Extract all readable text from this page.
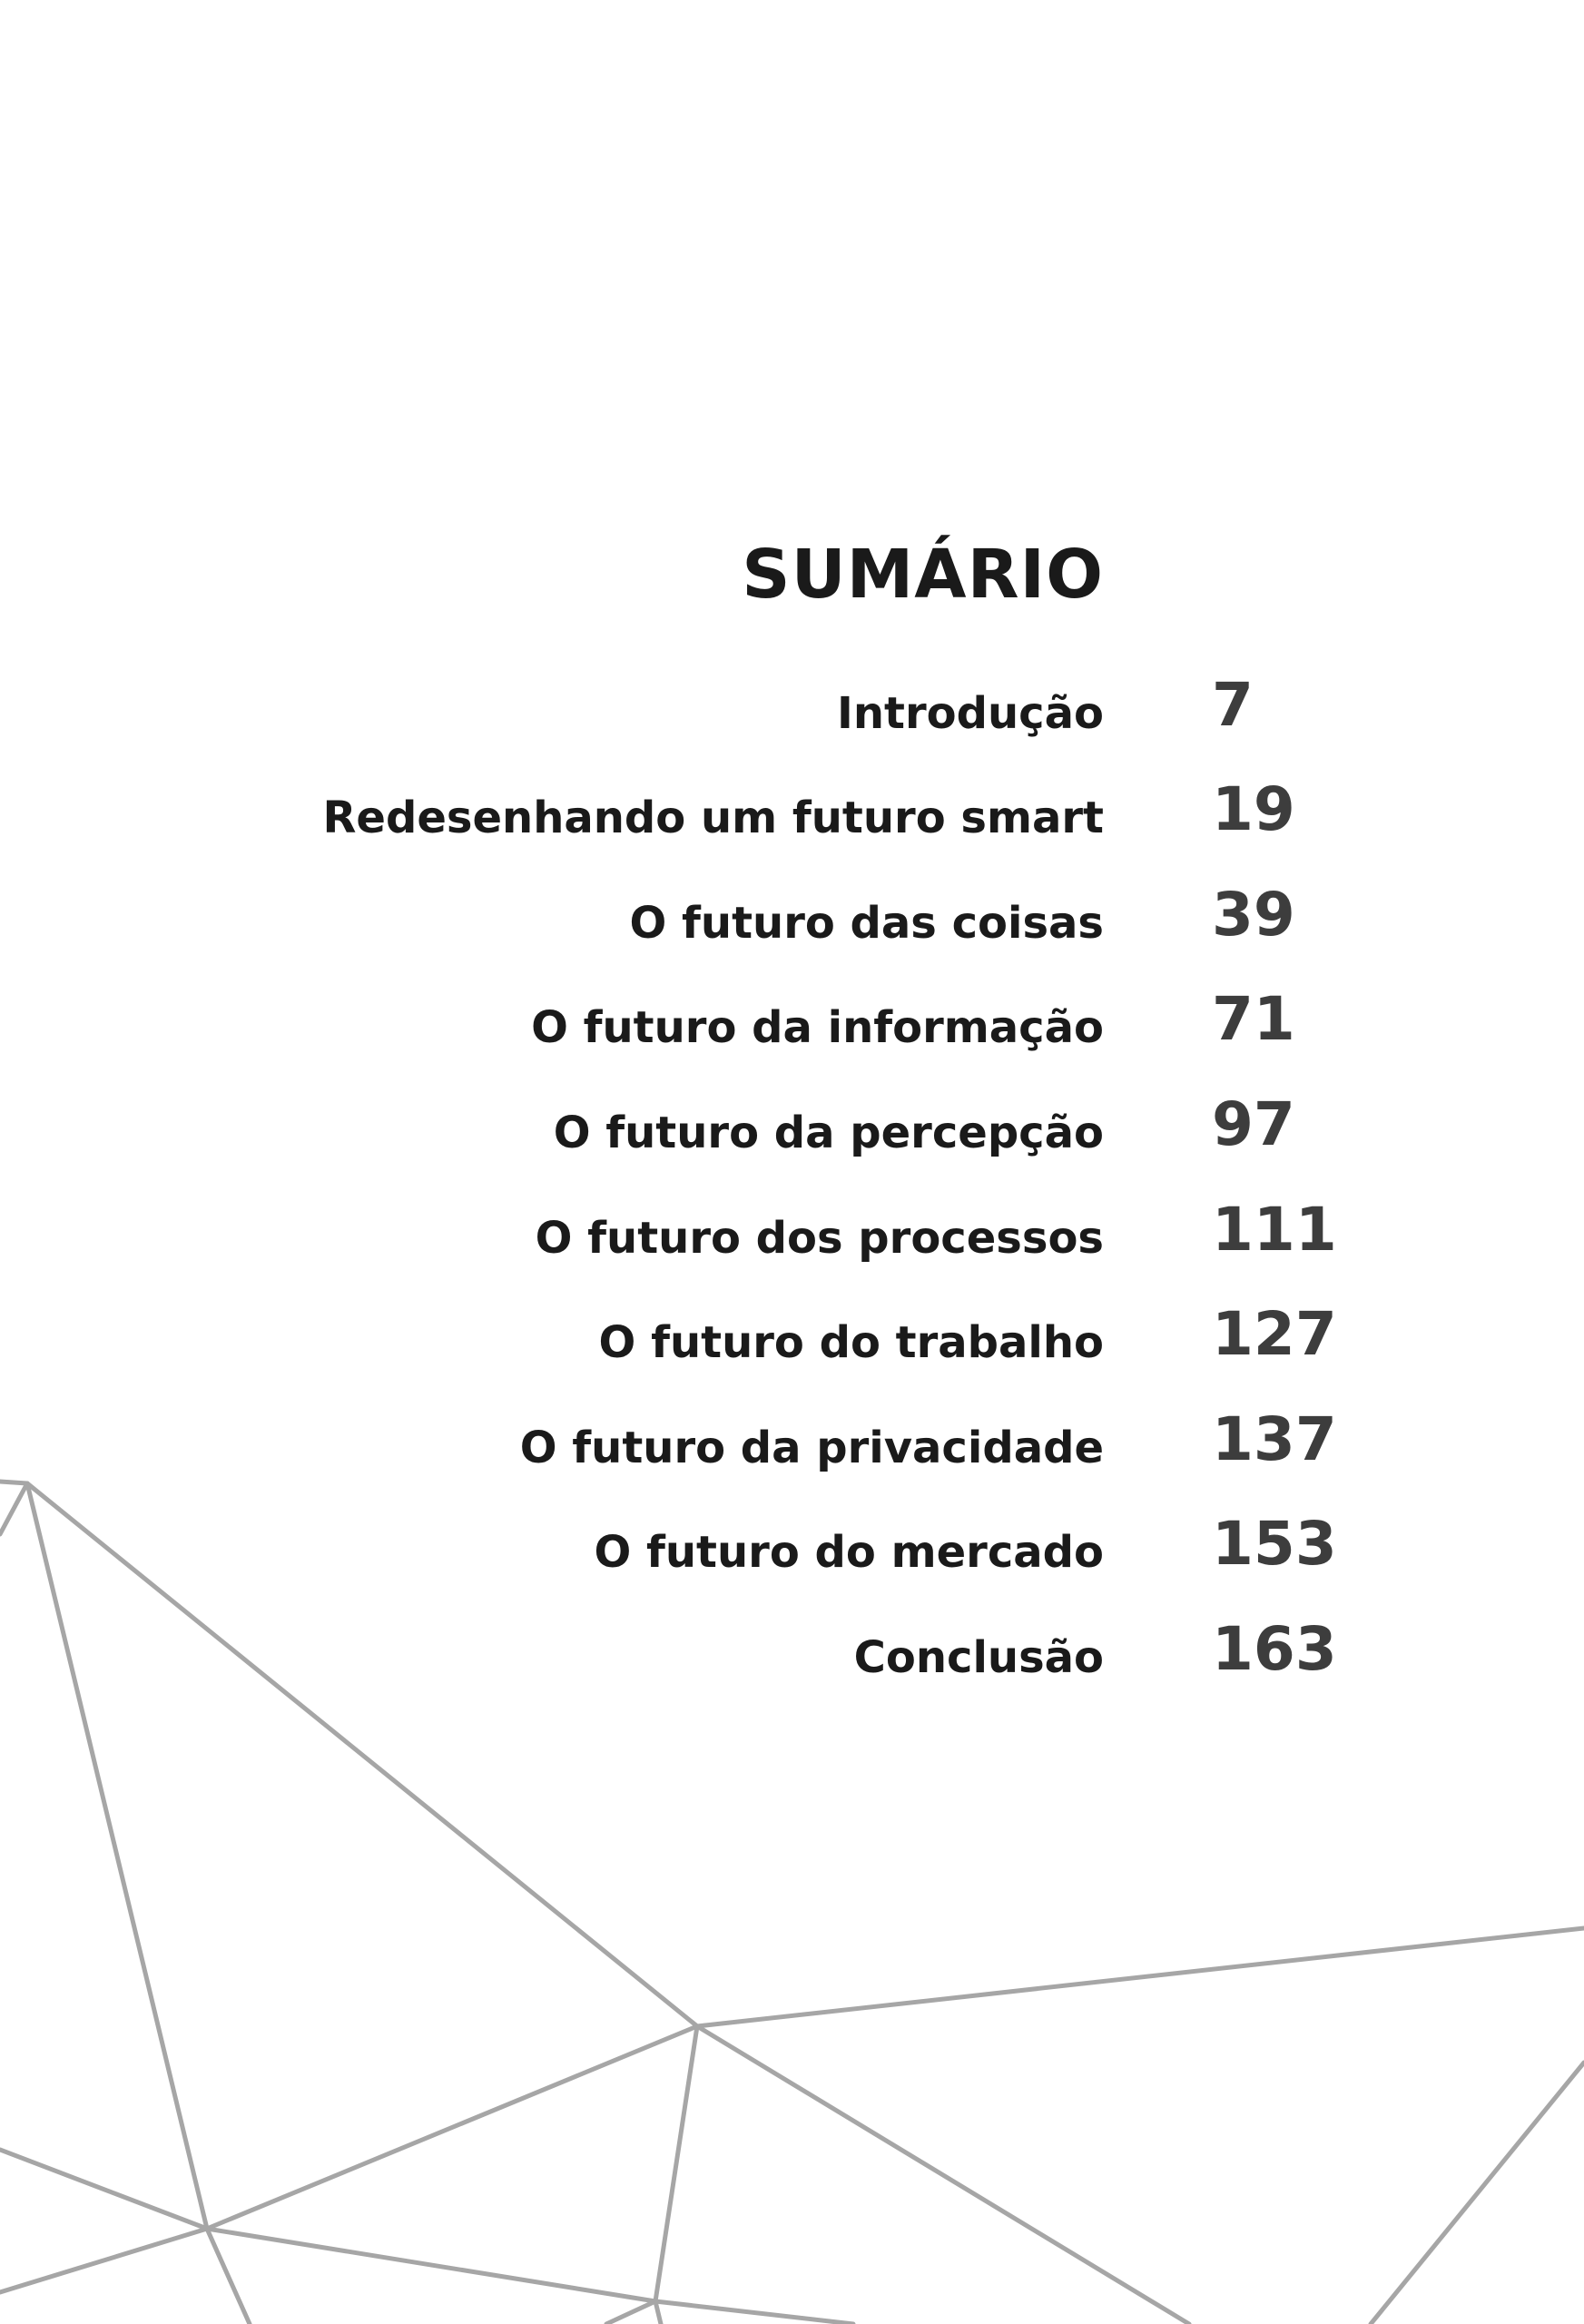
SUMÁRIO
Introdução 7
Redesenhando um futuro smart 19
O futuro das coisas 39
O futuro da informação 71
O futuro da percepção 97
O futuro dos processos 111
O futuro do trabalho 127
O futuro da privacidade 137
O futuro do mercado 153
Conclusão 163
